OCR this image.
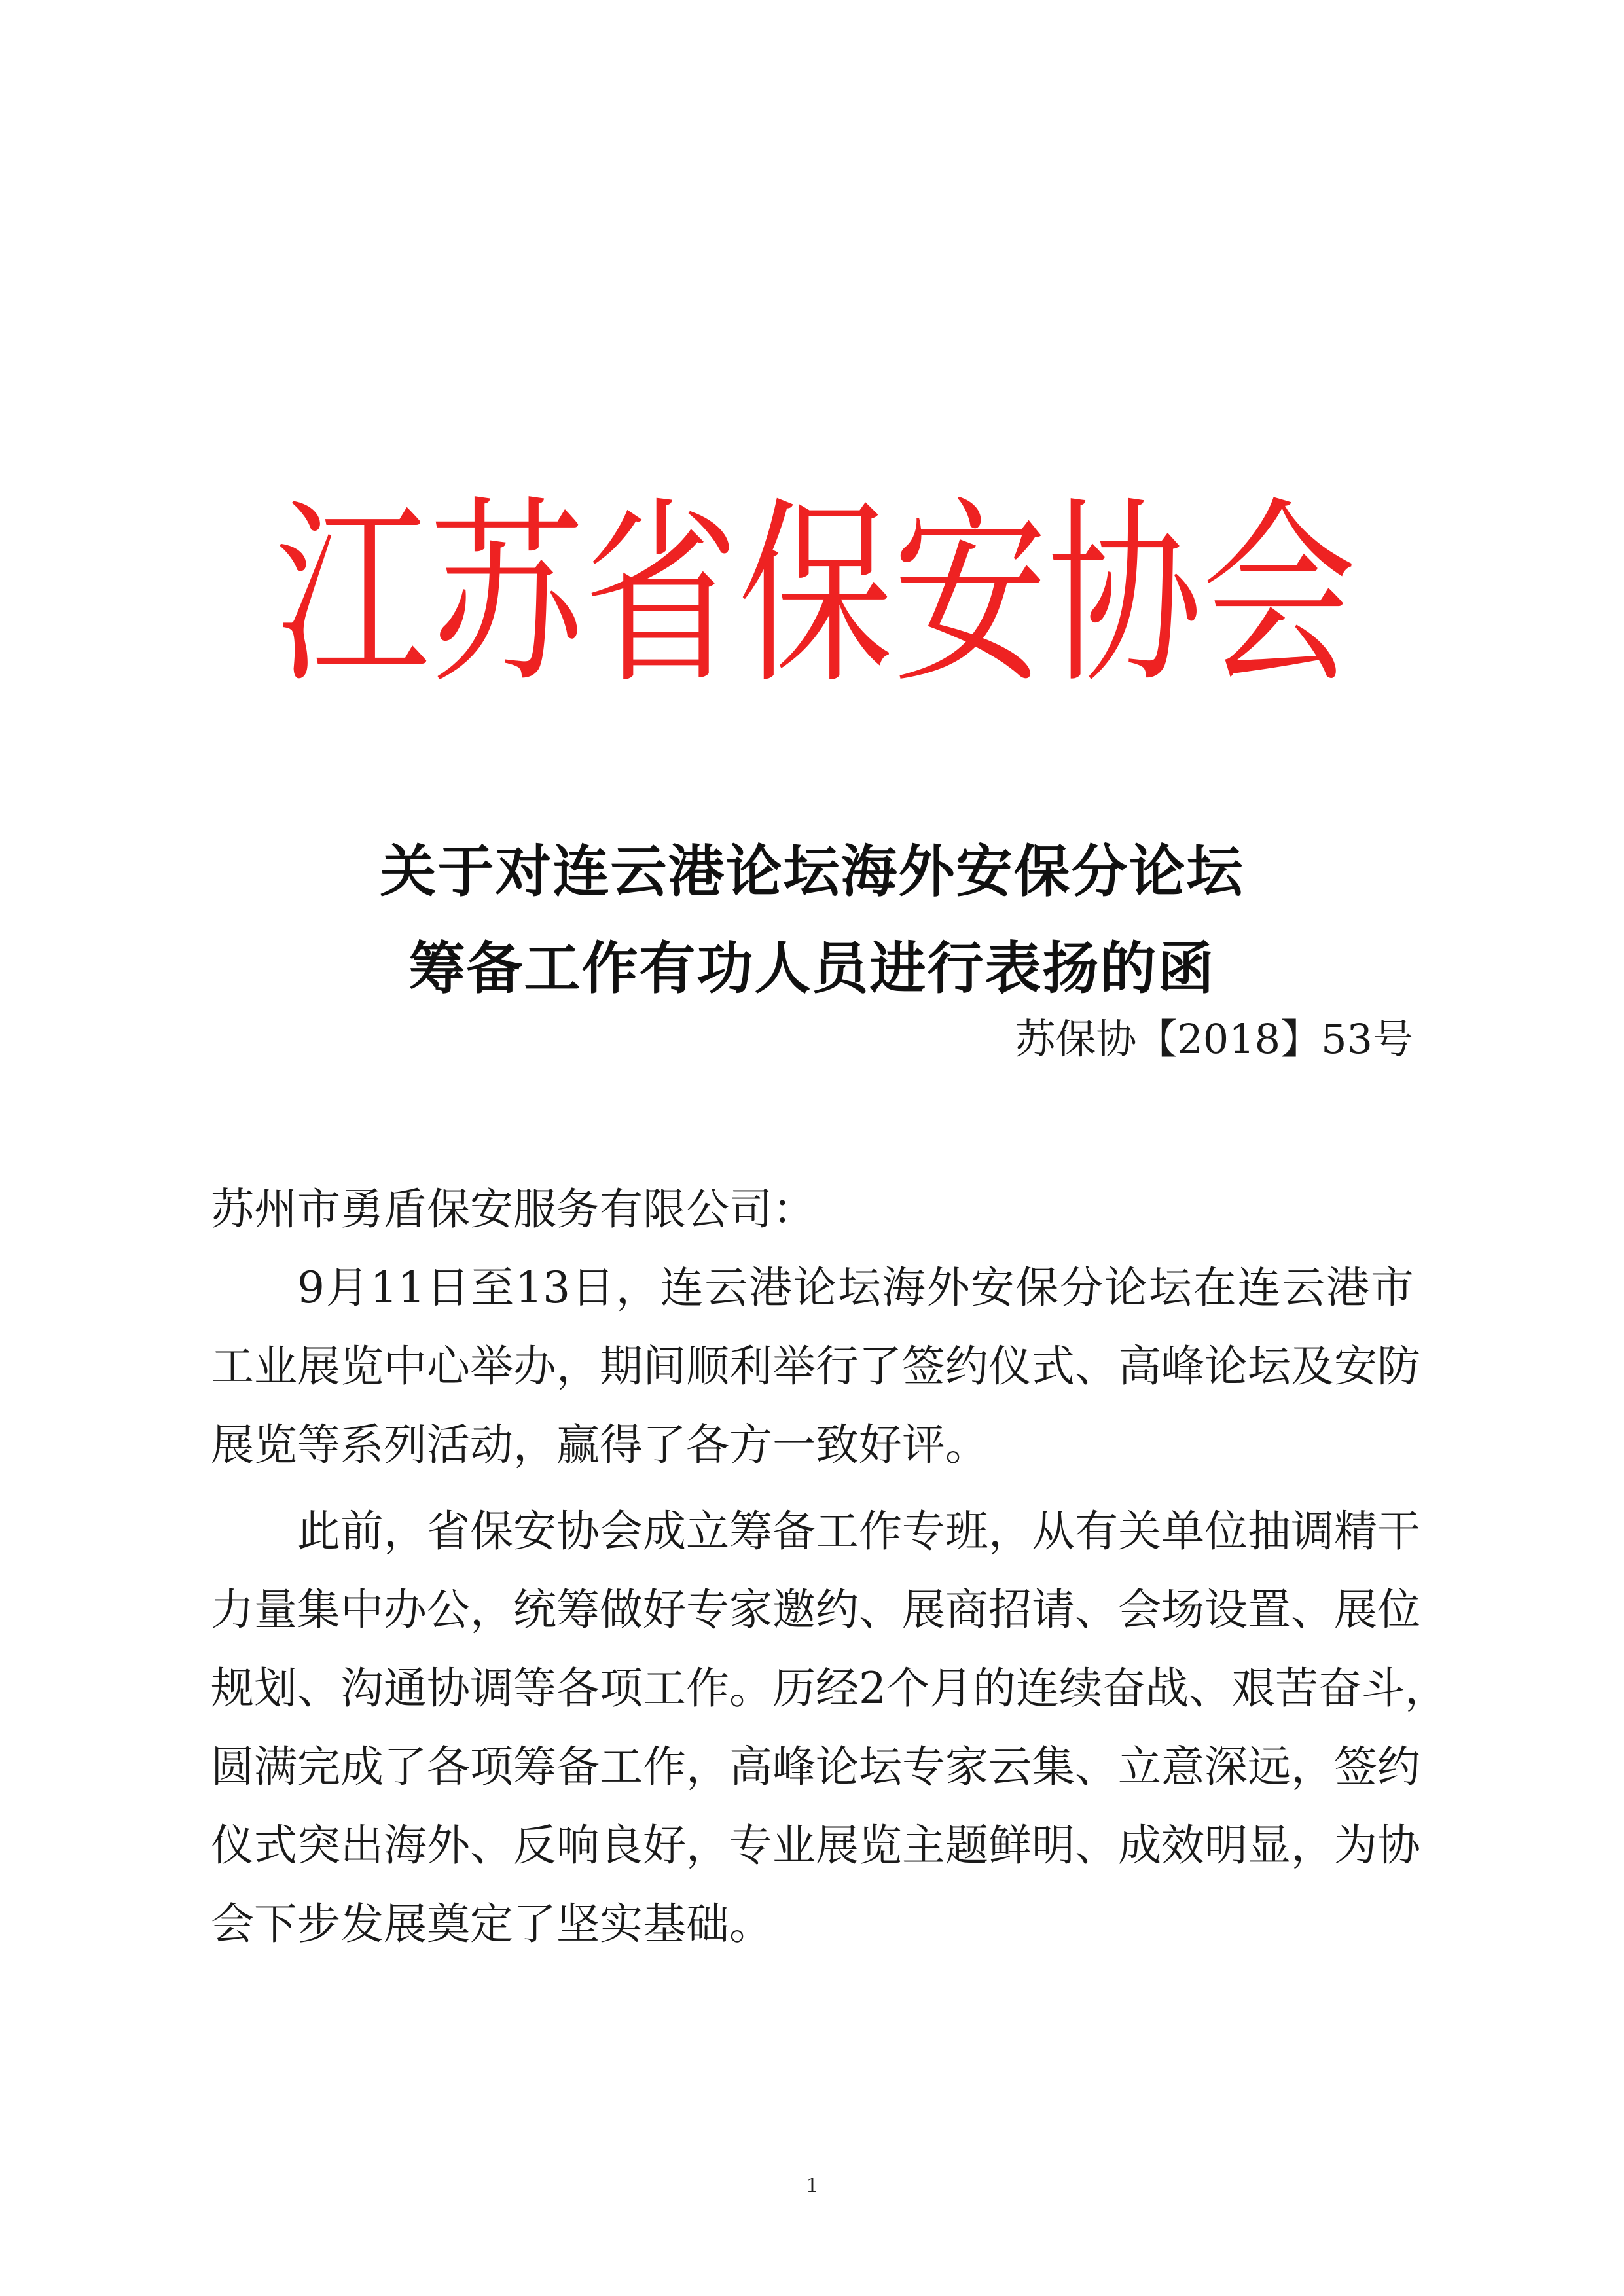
江 苏 省 保 安 协 会
关于对连云港论坛海外安保分论坛
筹备工作有功人员进行表扬的函

苏保协【2018】53号

苏州市勇盾保安服务有限公司：

9月11日至13日，连云港论坛海外安保分论坛在连云港市

工业展览中心举办，期间顺利举行了签约仪式、高峰论坛及安防

展览等系列活动，赢得了各方一致好评。

此前，省保安协会成立筹备工作专班，从有关单位抽调精干

力量集中办公，统筹做好专家邀约、展商招请、会场设置、展位

规划、沟通协调等各项工作。历经2个月的连续奋战、艰苦奋斗，

圆满完成了各项筹备工作，高峰论坛专家云集、立意深远，签约

仪式突出海外、反响良好，专业展览主题鲜明、成效明显，为协

会下步发展奠定了坚实基础。

1
